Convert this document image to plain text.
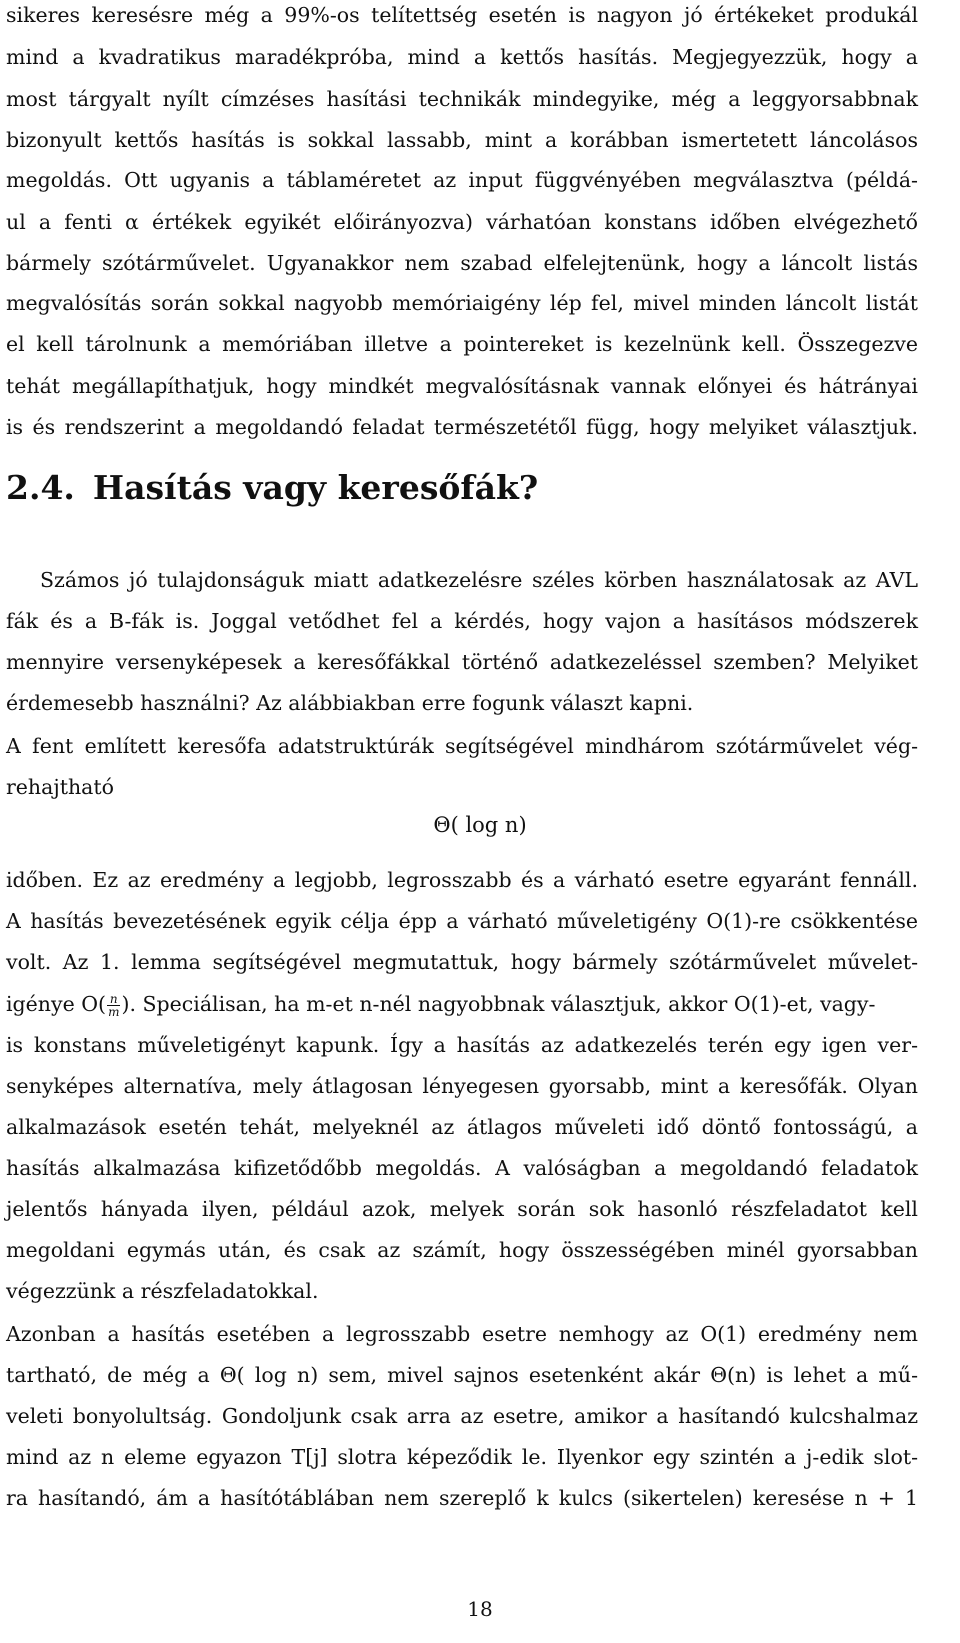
sikeres keresésre még a 99%-os telítettség esetén is nagyon jó értékeket produkál
mind a kvadratikus maradékpróba, mind a kettős hasítás. Megjegyezzük, hogy a
most tárgyalt nyílt címzéses hasítási technikák mindegyike, még a leggyorsabbnak
bizonyult kettős hasítás is sokkal lassabb, mint a korábban ismertetett láncolásos
megoldás. Ott ugyanis a táblaméretet az input függvényében megválasztva (példá-
ul a fenti α értékek egyikét előirányozva) várhatóan konstans időben elvégezhető
bármely szótárművelet. Ugyanakkor nem szabad elfelejtenünk, hogy a láncolt listás
megvalósítás során sokkal nagyobb memóriaigény lép fel, mivel minden láncolt listát
el kell tárolnunk a memóriában illetve a pointereket is kezelnünk kell. Összegezve
tehát megállapíthatjuk, hogy mindkét megvalósításnak vannak előnyei és hátrányai
is és rendszerint a megoldandó feladat természetétől függ, hogy melyiket választjuk.
2.4. Hasítás vagy keresőfák?
Számos jó tulajdonságuk miatt adatkezelésre széles körben használatosak az AVL
fák és a B-fák is. Joggal vetődhet fel a kérdés, hogy vajon a hasításos módszerek
mennyire versenyképesek a keresőfákkal történő adatkezeléssel szemben? Melyiket
érdemesebb használni? Az alábbiakban erre fogunk választ kapni.
A fent említett keresőfa adatstruktúrák segítségével mindhárom szótárművelet vég-
rehajtható
Θ( log n)
időben. Ez az eredmény a legjobb, legrosszabb és a várható esetre egyaránt fennáll.
A hasítás bevezetésének egyik célja épp a várható műveletigény O(1)-re csökkentése
volt. Az 1. lemma segítségével megmutattuk, hogy bármely szótárművelet művelet-
igénye $O( \frac{n}{m}$ ). Speciálisan, ha m-et n-nél nagyobbnak választjuk, akkor O(1)-et, vagy-
is konstans műveletigényt kapunk. Így a hasítás az adatkezelés terén egy igen ver-
senyképes alternatíva, mely átlagosan lényegesen gyorsabb, mint a keresőfák. Olyan
alkalmazások esetén tehát, melyeknél az átlagos műveleti idő döntő fontosságú, a
hasítás alkalmazása kifizetődőbb megoldás. A valóságban a megoldandó feladatok
jelentős hányada ilyen, például azok, melyek során sok hasonló részfeladatot kell
megoldani egymás után, és csak az számít, hogy összességében minél gyorsabban
végezzünk a részfeladatokkal.
Azonban a hasítás esetében a legrosszabb esetre nemhogy az O(1) eredmény nem
tartható, de még a Θ( log n) sem, mivel sajnos esetenként akár Θ(n) is lehet a mű-
veleti bonyolultság. Gondoljunk csak arra az esetre, amikor a hasítandó kulcshalmaz
mind az n eleme egyazon T[j] slotra képeződik le. Ilyenkor egy szintén a j-edik slot-
ra hasítandó, ám a hasítótáblában nem szereplő k kulcs (sikertelen) keresése n + 1
18
